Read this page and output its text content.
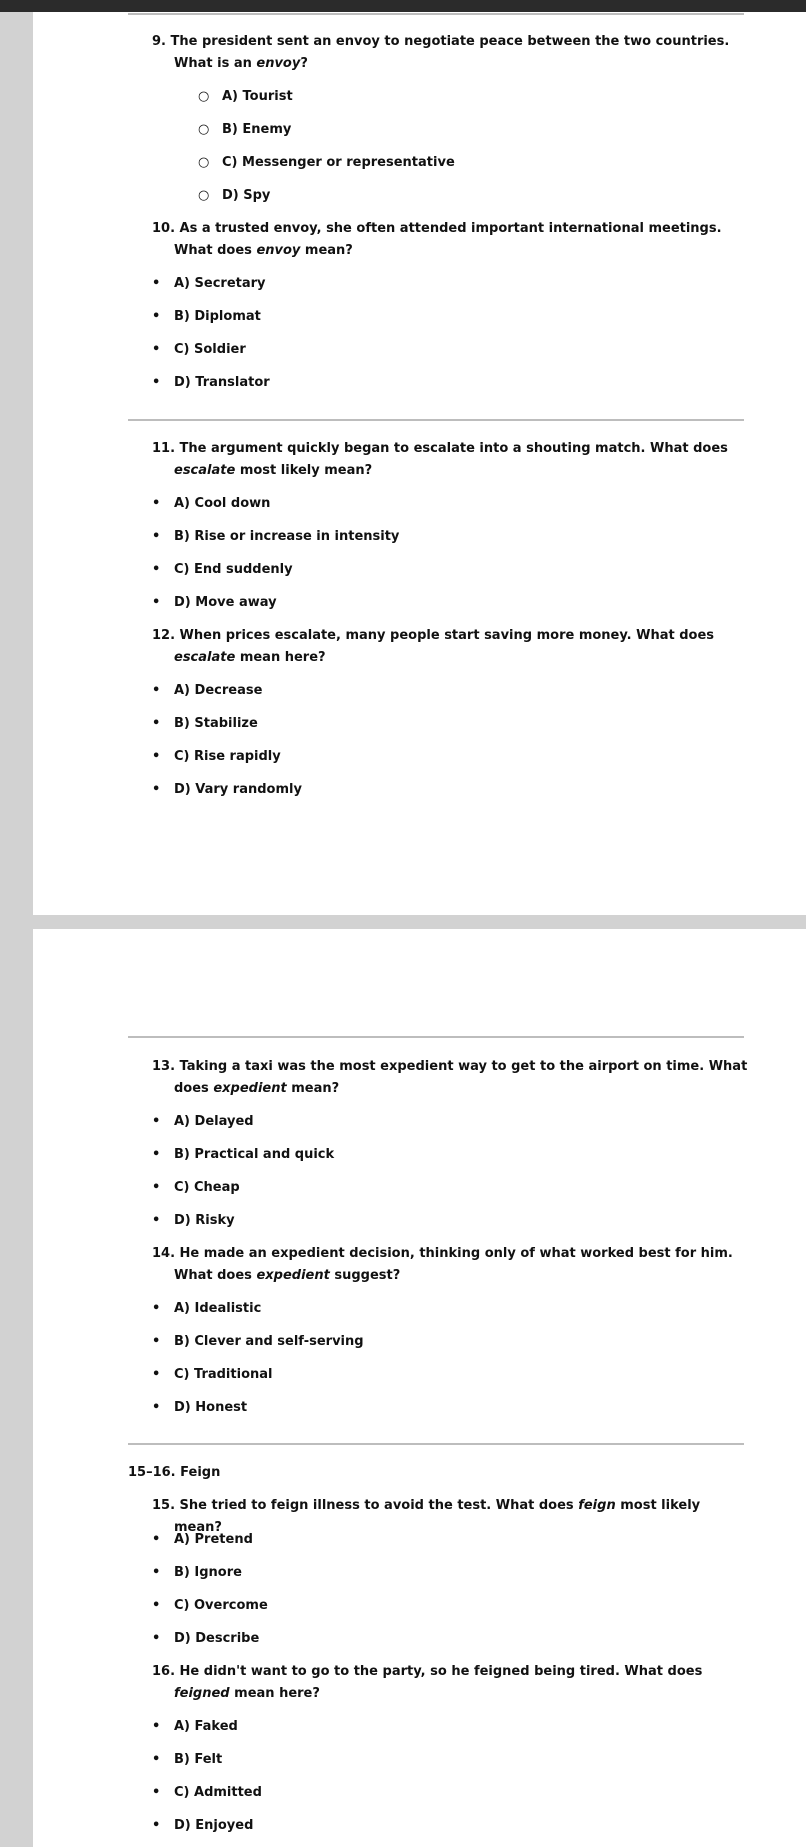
9. The president sent an envoy to negotiate peace between the two countries. What is an envoy?

○ A) Tourist
○ B) Enemy
○ C) Messenger or representative
○ D) Spy

10. As a trusted envoy, she often attended important international meetings. What does envoy mean?

• A) Secretary
• B) Diplomat
• C) Soldier
• D) Translator

11. The argument quickly began to escalate into a shouting match. What does escalate most likely mean?

• A) Cool down
• B) Rise or increase in intensity
• C) End suddenly
• D) Move away

12. When prices escalate, many people start saving more money. What does escalate mean here?

• A) Decrease
• B) Stabilize
• C) Rise rapidly
• D) Vary randomly

13. Taking a taxi was the most expedient way to get to the airport on time. What does expedient mean?

• A) Delayed
• B) Practical and quick
• C) Cheap
• D) Risky

14. He made an expedient decision, thinking only of what worked best for him. What does expedient suggest?

• A) Idealistic
• B) Clever and self-serving
• C) Traditional
• D) Honest
15–16. Feign

15. She tried to feign illness to avoid the test. What does feign most likely mean?

• A) Pretend
• B) Ignore
• C) Overcome
• D) Describe

16. He didn't want to go to the party, so he feigned being tired. What does feigned mean here?

• A) Faked
• B) Felt
• C) Admitted
• D) Enjoyed
